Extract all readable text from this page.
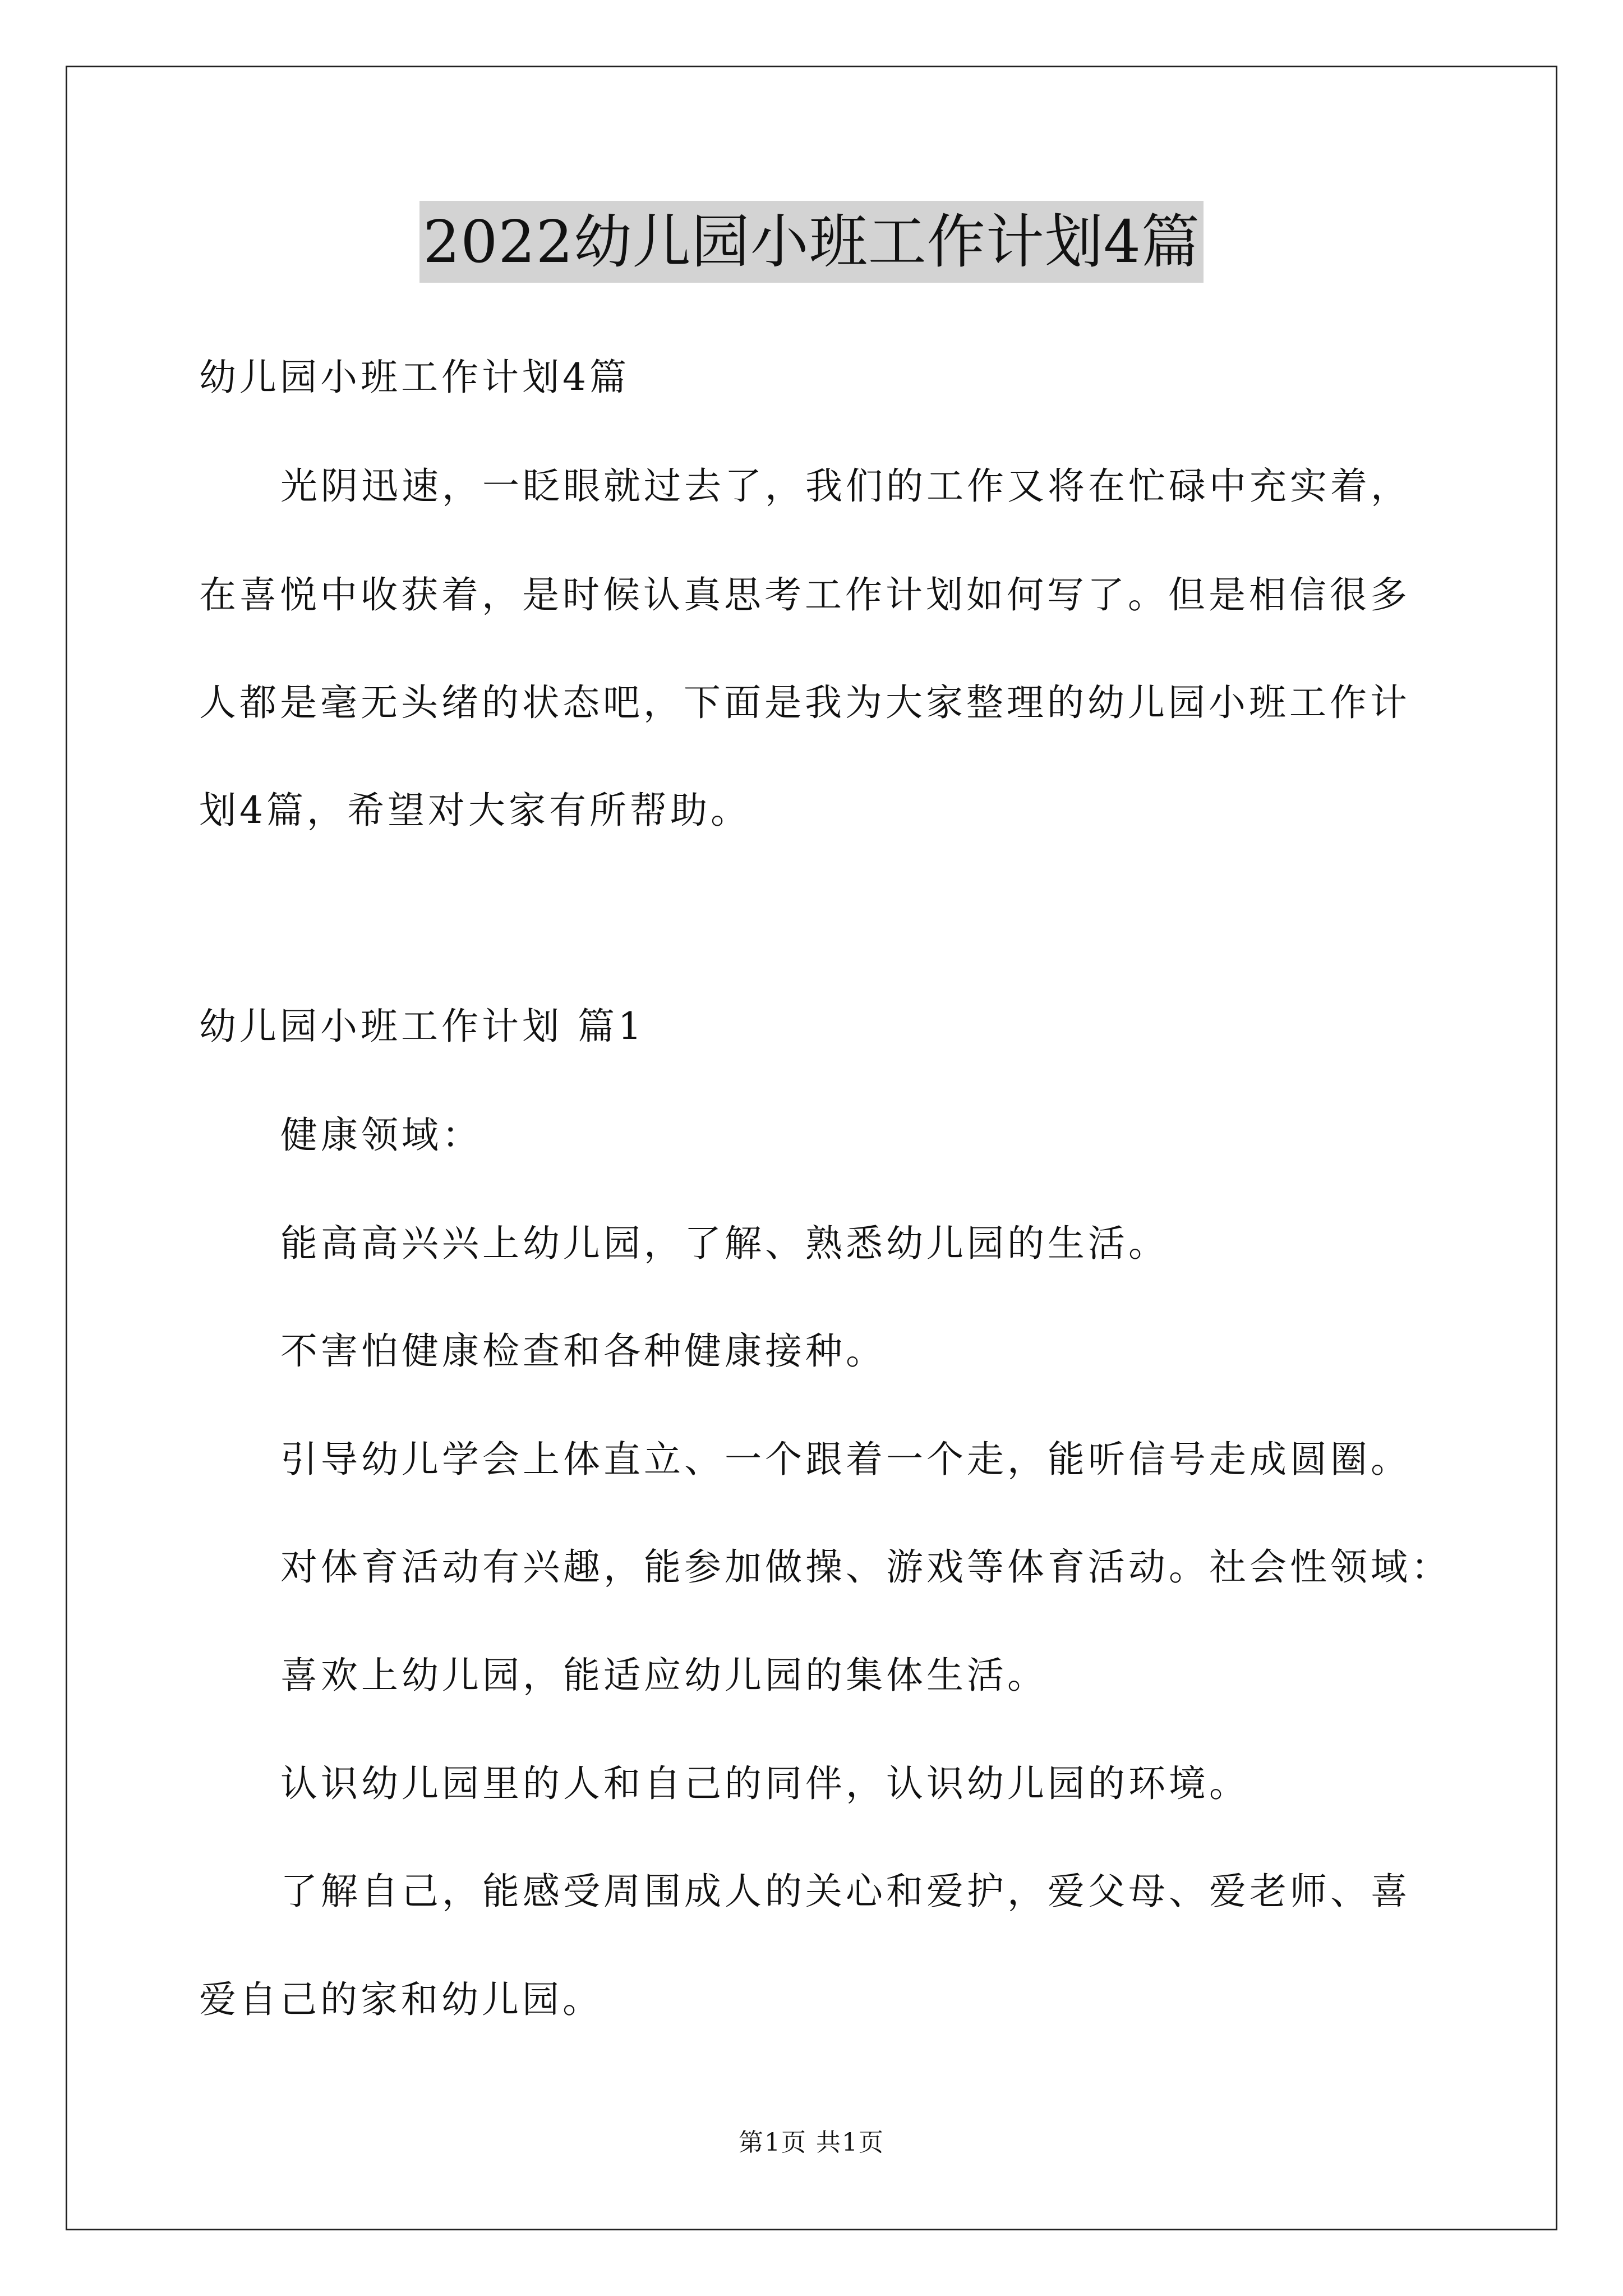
2022幼儿园小班工作计划4篇
幼儿园小班工作计划4篇
光阴迅速，一眨眼就过去了，我们的工作又将在忙碌中充实着，
在喜悦中收获着，是时候认真思考工作计划如何写了。但是相信很多
人都是毫无头绪的状态吧，下面是我为大家整理的幼儿园小班工作计
划4篇，希望对大家有所帮助。
幼儿园小班工作计划 篇1
健康领域：
能高高兴兴上幼儿园，了解、熟悉幼儿园的生活。
不害怕健康检查和各种健康接种。
引导幼儿学会上体直立、一个跟着一个走，能听信号走成圆圈。
对体育活动有兴趣，能参加做操、游戏等体育活动。社会性领域：
喜欢上幼儿园，能适应幼儿园的集体生活。
认识幼儿园里的人和自己的同伴，认识幼儿园的环境。
了解自己，能感受周围成人的关心和爱护，爱父母、爱老师、喜
爱自己的家和幼儿园。
第1页 共1页
